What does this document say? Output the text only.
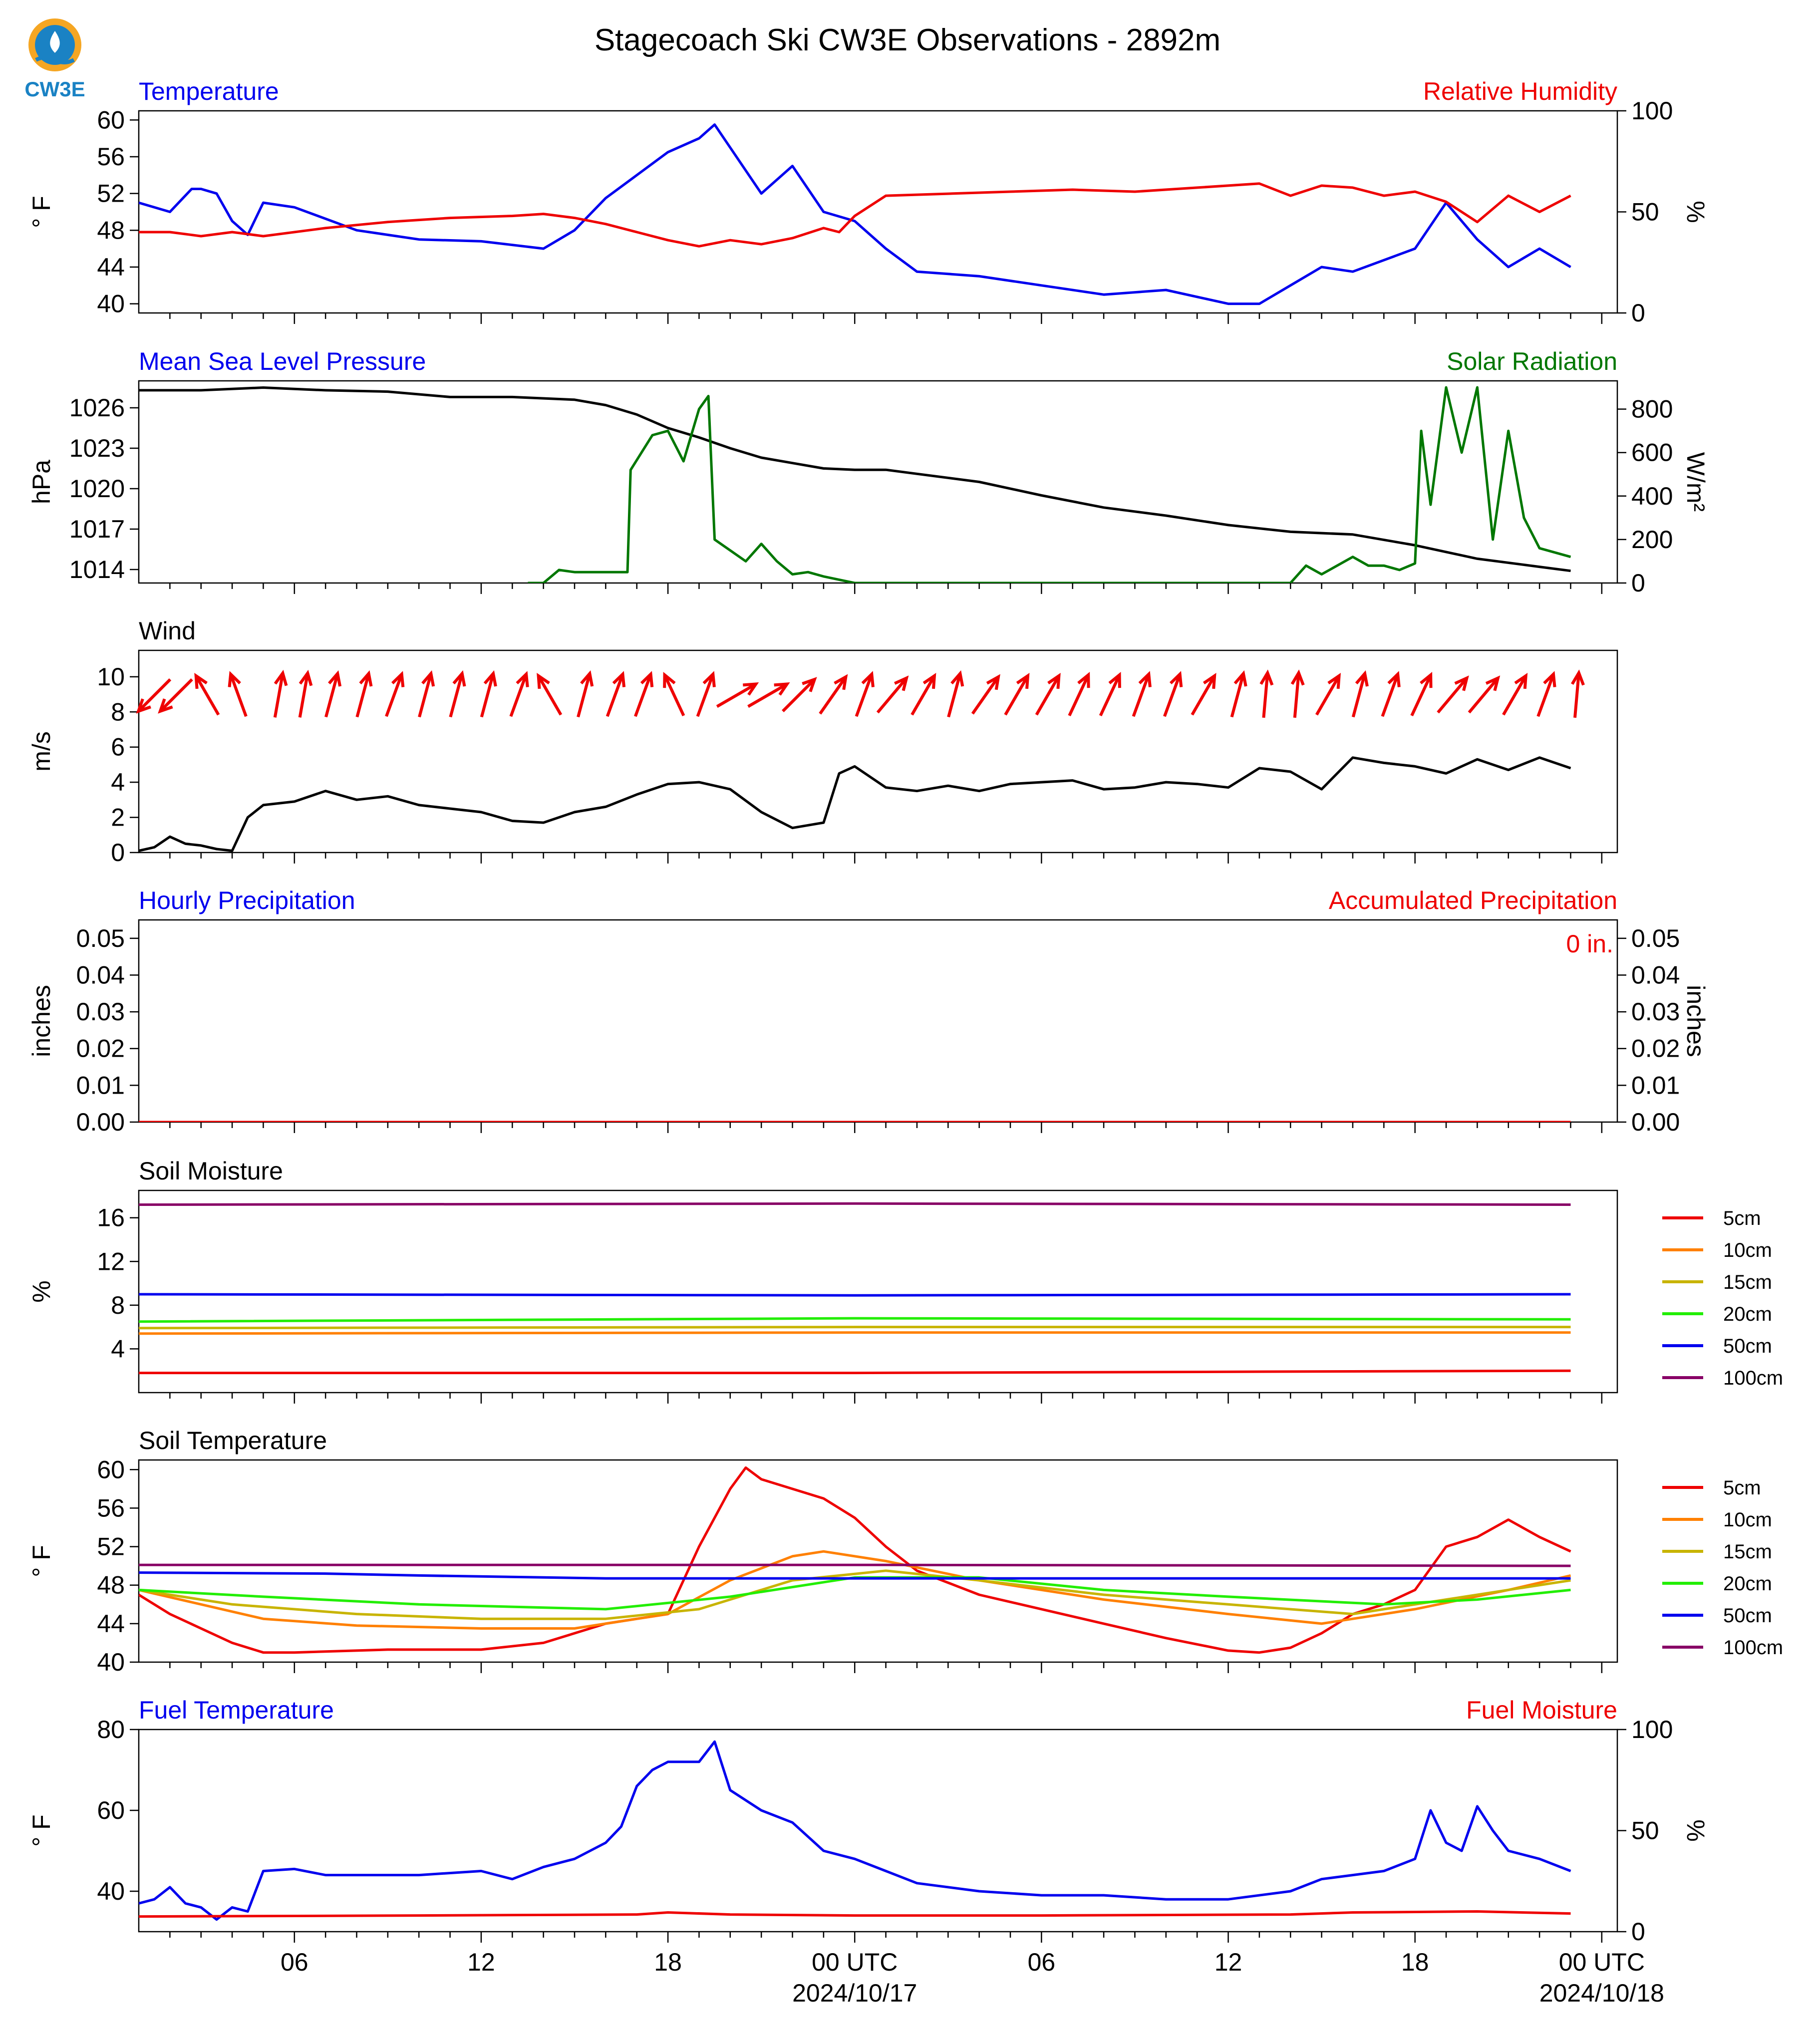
CW3E
Stagecoach Ski CW3E Observations - 2892m
Temperature	Relative Humidity
40
44
48
52
56
60
0
50
100
° F	%
Mean Sea Level Pressure	Solar Radiation
1014
1017
1020
1023
1026
0
200
400
600
800
hPa	W/m²
Wind
0
2
4
6
8
10
m/s
Hourly Precipitation	Accumulated Precipitation
0.00	0.00
0.01	0.01
0.02	0.02
0.03	0.03
0.04	0.04
0.05	0.05
inches	inches
0 in.
Soil Moisture
4
8
12
16
%
5cm
10cm
15cm
20cm
50cm
100cm
Soil Temperature
40
44
48
52
56
60
° F
5cm
10cm
15cm
20cm
50cm
100cm
Fuel Temperature	Fuel Moisture
40
60
80
0
50
100
° F	%
06	12	18	00 UTC	06	12	18	00 UTC
2024/10/17	2024/10/18
